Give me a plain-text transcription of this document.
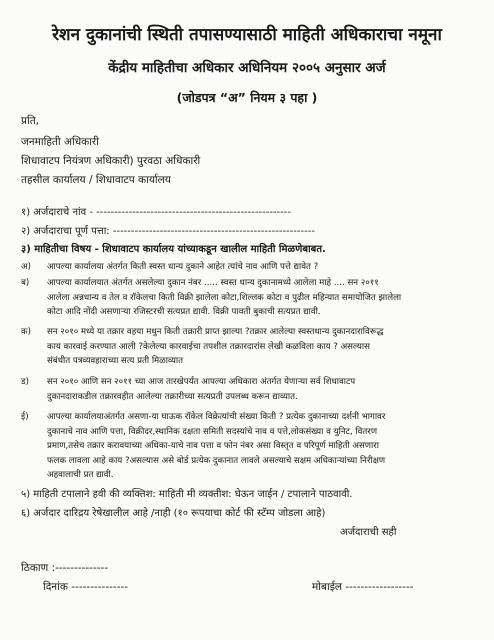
रेशन दुकानांची स्थिती तपासण्यासाठी माहिती अधिकाराचा नमूना
केंद्रीय माहितीचा अधिकार अधिनियम २००५ अनुसार अर्ज
(जोडपत्र “अ” नियम ३ पहा )
प्रति,
जनमाहिती अधिकारी
शिधावाटप नियंत्रण अधिकारी) पुरवठा अधिकारी
तहसील कार्यालय / शिधावाटप कार्यालय
१) अर्जदाराचे नांव - ------------------------------------------------------
२) अर्जदाराचा पूर्ण पत्ता: --------------------------------------------------------
३) माहितीचा विषय - शिधावाटप कार्यालय यांच्याकडून खालील माहिती मिळणेबाबत.
अ) आपल्या कार्यालया अंतर्गत किती स्वस्त धान्य दुकाने आहेत त्यांचे नाव आणि पत्ते द्यावेत ?
ब) आपल्या कार्यालयात अंतर्गत असलेल्या दुकान नंबर ..... स्वस्त धान्य दुकानामध्ये आलेला माहे .... सन २०११
आलेला अन्नधान्य व तेल व रॉकेलचा किती विक्री झालेला कोटा,शिल्लक कोटा व पुढील महिन्यात समायोजित झालेला
कोटा आदि नोंदी असणाऱ्या रजिस्टरची सत्यप्रत द्यावी. विक्री पावती बुकाची सत्यप्रत द्यावी.
क) सन २०१० मध्ये या तक्रार वहया मधुन किती तक्रारी प्राप्त झाल्या ?तक्रार आलेल्या स्वस्तधान्य दुकानदाराविरूद्ध
काय कारवाई करण्यात आली ?केलेल्या कारवाईचा तपशील तक्रारदारांस लेखी कळविला काय ? असल्यास
संबंधीत पत्रव्यवहाराच्या सत्य प्रती मिळाव्यात
ड) सन २०१० आणि सन २०११ च्या आज तारखेपर्यंत आपल्या अधिकारा अंतर्गत येणाऱ्या सर्व शिधावाटप
दुकानदाराकडील तक्रारवहीत आलेल्या तक्रारीच्या सत्यप्रती उपलब्ध करून द्याव्यात.
ई) आपल्या कार्यालयाअंतर्गत असणा-या घाऊक रॉकेल विक्रेत्यांची संख्या किती ? प्रत्येक दुकानाच्या दर्शनी भागावर
दुकानाचे नाव आणि पत्ता, विक्रीदर,स्थानिक दक्षता समिती सदस्यांचे नाव व पत्ते,लोकसंख्या व युनिट, वितरण
प्रमाण,तसेच तक्रार करावयाच्या अधिका-याचे नाव पत्ता व फोन नंबर असा विस्तृत व परिपूर्ण माहिती असणारा
फलक लावला आहे काय ?असल्यास असे बोर्ड प्रत्येक दुकानात लावले असल्याचे सक्षम अधिकाऱ्यांच्या निरीक्षण
अहवालाची प्रत द्यावी.
५) माहिती टपालाने हवी की व्यक्तिश: माहिती मी व्यक्तीश: घेऊन जाईन / टपालाने पाठवावी.
६) अर्जदार दारिद्रय रेषेखालील आहे /नाही (१० रूपयाचा कोर्ट फी स्टॅम्प जोडला आहे)
अर्जदाराची सही
ठिकाण :--------------
दिनांक ---------------	मोबाईल ------------------
